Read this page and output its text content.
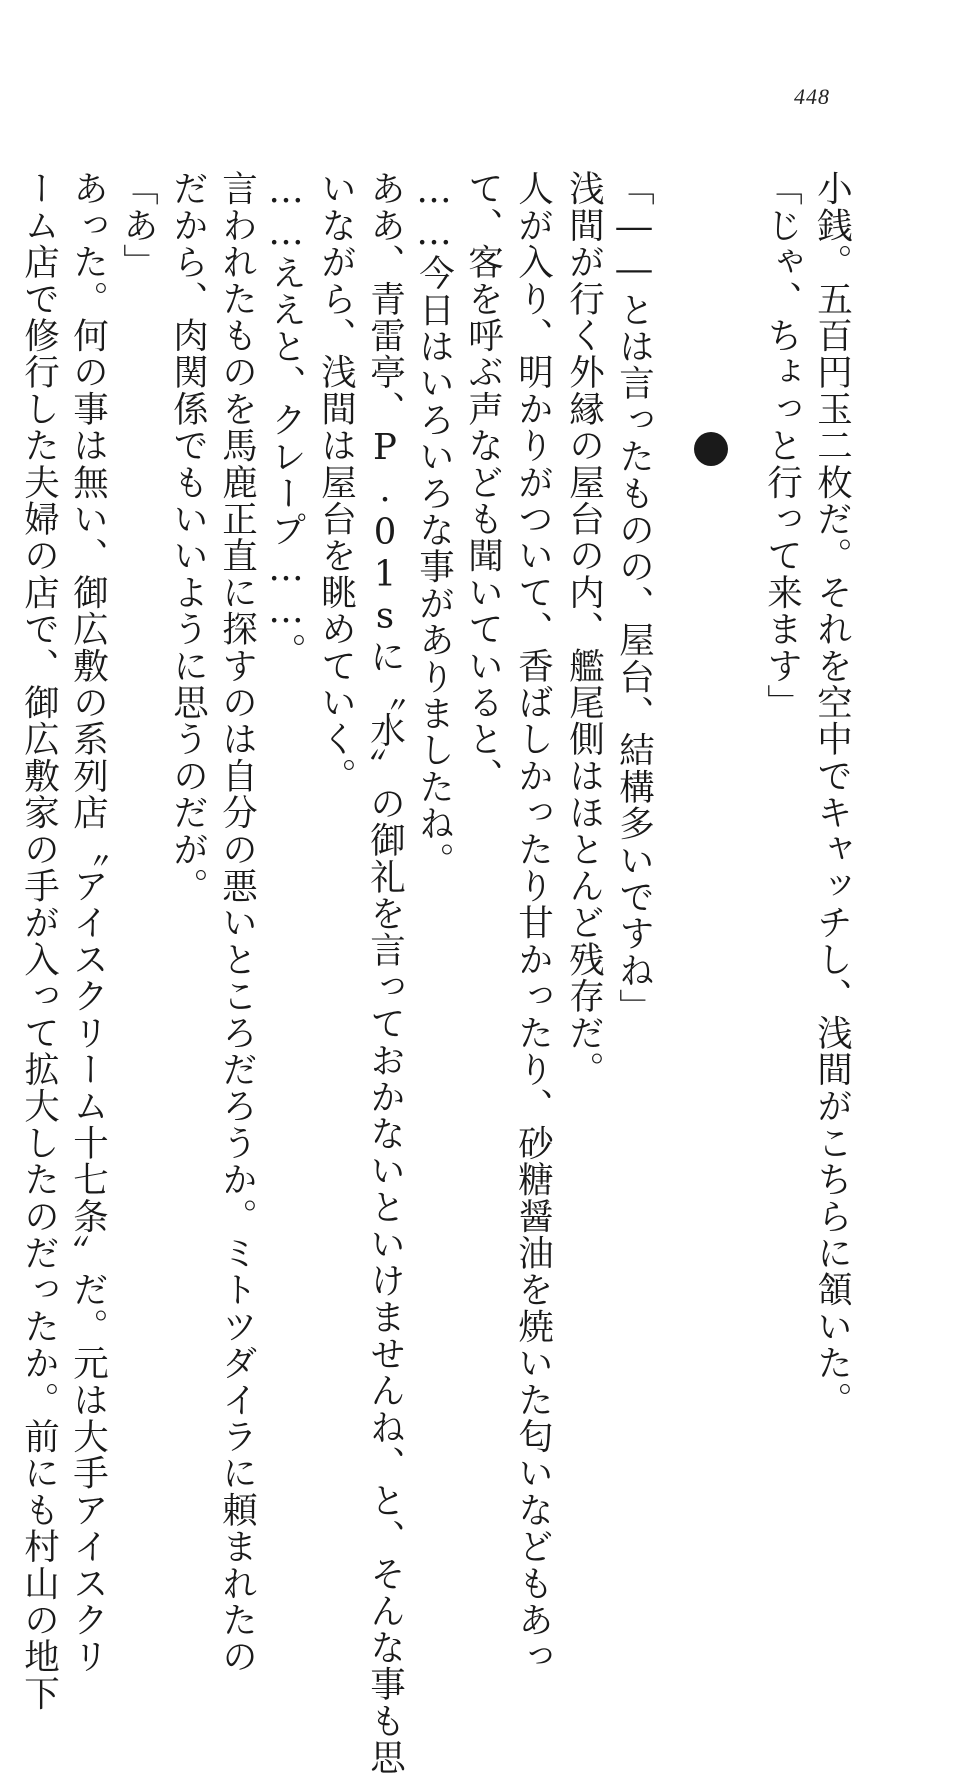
448
小銭。五百円玉二枚だ。それを空中でキャッチし、浅間がこちらに頷いた。
「じゃ、ちょっと行って来ます」
「――とは言ったものの、屋台、結構多いですね」
浅間が行く外縁の屋台の内、艦尾側はほとんど残存だ。
人が入り、明かりがついて、香ばしかったり甘かったり、砂糖醤油を焼いた匂いなどもあっ
て、客を呼ぶ声なども聞いていると、
……今日はいろいろな事がありましたね。
ああ、青雷亭、P.01sに〝水〟の御礼を言っておかないといけませんね、と、そんな事も思
いながら、浅間は屋台を眺めていく。
……ええと、クレープ……。
言われたものを馬鹿正直に探すのは自分の悪いところだろうか。ミトツダイラに頼まれたの
だから、肉関係でもいいように思うのだが。
「あ」
あった。何の事は無い、御広敷の系列店〝アイスクリーム十七条〟だ。元は大手アイスクリ
ーム店で修行した夫婦の店で、御広敷家の手が入って拡大したのだったか。前にも村山の地下
